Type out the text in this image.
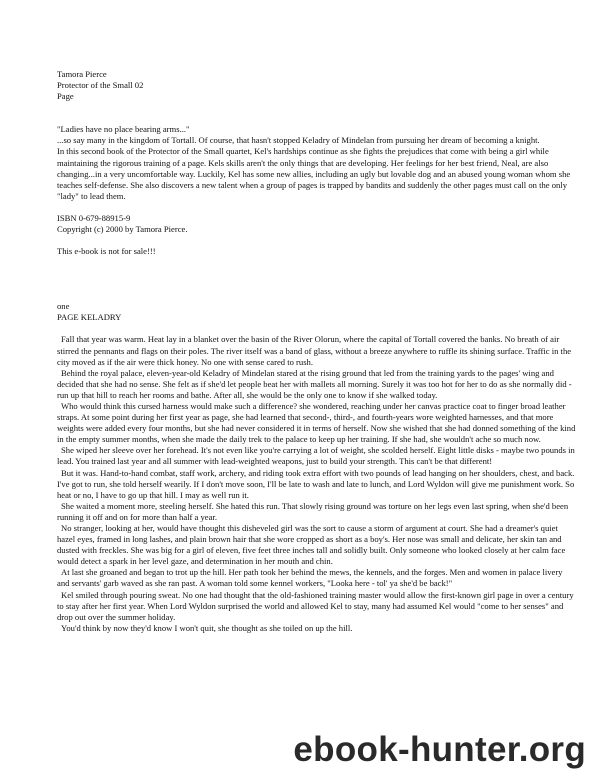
Tamora Pierce

Protector of the Small 02

Page

"Ladies have no place bearing arms..."

...so say many in the kingdom of Tortall. Of course, that hasn't stopped Keladry of Mindelan from pursuing her dream of becoming a knight.

In this second book of the Protector of the Small quartet, Kel's hardships continue as she fights the prejudices that come with being a girl while maintaining the rigorous training of a page. Kels skills aren't the only things that are developing. Her feelings for her best friend, Neal, are also changing...in a very uncomfortable way. Luckily, Kel has some new allies, including an ugly but lovable dog and an abused young woman whom she teaches self-defense. She also discovers a new talent when a group of pages is trapped by bandits and suddenly the other pages must call on the only "lady" to lead them.

ISBN 0-679-88915-9

Copyright (c) 2000 by Tamora Pierce.

This e-book is not for sale!!!

one

PAGE KELADRY

Fall that year was warm. Heat lay in a blanket over the basin of the River Olorun, where the capital of Tortall covered the banks. No breath of air stirred the pennants and flags on their poles. The river itself was a band of glass, without a breeze anywhere to ruffle its shining surface. Traffic in the city moved as if the air were thick honey. No one with sense cared to rush.

Behind the royal palace, eleven-year-old Keladry of Mindelan stared at the rising ground that led from the training yards to the pages' wing and decided that she had no sense. She felt as if she'd let people beat her with mallets all morning. Surely it was too hot for her to do as she normally did - run up that hill to reach her rooms and bathe. After all, she would be the only one to know if she walked today.

Who would think this cursed harness would make such a difference? she wondered, reaching under her canvas practice coat to finger broad leather straps. At some point during her first year as page, she had learned that second-, third-, and fourth-years wore weighted harnesses, and that more weights were added every four months, but she had never considered it in terms of herself. Now she wished that she had donned something of the kind in the empty summer months, when she made the daily trek to the palace to keep up her training. If she had, she wouldn't ache so much now.

She wiped her sleeve over her forehead. It's not even like you're carrying a lot of weight, she scolded herself. Eight little disks - maybe two pounds in lead. You trained last year and all summer with lead-weighted weapons, just to build your strength. This can't be that different!

But it was. Hand-to-hand combat, staff work, archery, and riding took extra effort with two pounds of lead hanging on her shoulders, chest, and back. I've got to run, she told herself wearily. If I don't move soon, I'll be late to wash and late to lunch, and Lord Wyldon will give me punishment work. So heat or no, I have to go up that hill. I may as well run it.

She waited a moment more, steeling herself. She hated this run. That slowly rising ground was torture on her legs even last spring, when she'd been running it off and on for more than half a year.

No stranger, looking at her, would have thought this disheveled girl was the sort to cause a storm of argument at court. She had a dreamer's quiet hazel eyes, framed in long lashes, and plain brown hair that she wore cropped as short as a boy's. Her nose was small and delicate, her skin tan and dusted with freckles. She was big for a girl of eleven, five feet three inches tall and solidly built. Only someone who looked closely at her calm face would detect a spark in her level gaze, and determination in her mouth and chin.

At last she groaned and began to trot up the hill. Her path took her behind the mews, the kennels, and the forges. Men and women in palace livery and servants' garb waved as she ran past. A woman told some kennel workers, "Looka here - tol' ya she'd be back!"

Kel smiled through pouring sweat. No one had thought that the old-fashioned training master would allow the first-known girl page in over a century to stay after her first year. When Lord Wyldon surprised the world and allowed Kel to stay, many had assumed Kel would "come to her senses" and drop out over the summer holiday.

You'd think by now they'd know I won't quit, she thought as she toiled on up the hill.

ebook-hunter.org
